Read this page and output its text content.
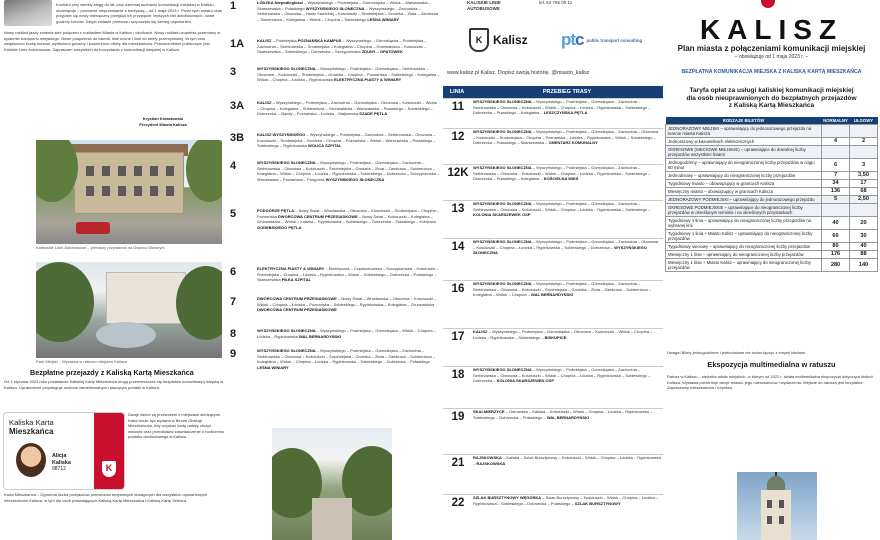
Kochani przy weekly blogg do lat, przy dziennej sucharzy komunikacji miejskiej w Kaliszu, obowiązuje – ponownie nieprzerwanie z korzyścią – od 1 maja 2023 r. Przez tych ostatni czas przyjdzie się nowy miesięczny przegląd ich przypięcie, lepszych linii autobusowych, nowe godziny kursów. Dzięki zmianie przewozu rozpoczęło się szereg usprawnień.

Nowy rozkład jazdy zmienia sieć połączeń z rozkładem Miasta w Kaliszu i okolicach. Nowy rozkład uzupełnia przemiany w systemie transportu miejskiego. Nowe połączenia do osiedli, linie nocne i linie do strefy przemysłowej. W tym celu zwiększono liczbę kursów, wydłużono godziny i poszerzono ofertę dla mieszkańców. Przewoźnikiem publicznym jest Kaliskie Linie Autobusowe. Zapraszam wszystkich do korzystania z komunikacji miejskiej w Kaliszu.

Krystian Kinastowski
Prezydent Miasta Kalisza
Kaliszskie Linie Autobusowe – pierwszy przystanek na Dworcu Głównym
Park Miejski – Wystawa w ratuszu miejskim Kalisza
Bezpłatne przejazdy z Kaliską Kartą Mieszkańca

Od 1 stycznia 2023 roku posiadacze Kaliskiej Karty Mieszkańca mogą przemieszczać się bezpłatnie komunikacją miejską w Kaliszu. Uprawnienie przysługuje osobom zameldowanym i płacącym podatki w Kaliszu.

Kaliska Karta
Mieszkańca
Alicja
Kaliska
98712	K

Dwoje dzieci są przewożeni z miejscami siedzącymi. Karta może być wydana w Biurze Obsługi Mieszkańców. Aby uzyskać kartę należy złożyć wniosek oraz przedstawić zaświadczenie o rozliczeniu podatku dochodowego w Kaliszu.

Karta Mieszkańca – Ogromna liczba przejazdów przewozów bezpłatnych dostępnych dla wszystkich uprawnionych mieszkańców Kalisza, w tym dla osób posiadających Kaliską Kartę Mieszkańca i Kaliską Kartę Seniora.

1	ŁÓDZKA Niepodległości – Wyszyńskiego – Podmiejska – Górnośląska – Widok – Warszawska – Skarszewska – Pułaskiego WYSZYŃSKIEGO SŁONECZNA – Wyszyńskiego – Zachodnia – Serbinowska – Obozowa – Hanki Sawickiej – Kościuszki – Śródmiejska – Grodzka – Złota – Zamkowa – Sukiennicza – Kolegialna – Widok – Chopina – Sobieskiego LEŚNA WINIARY
1A	KALISZ – Podmiejska POZNAŃSKA KAMPUS – Wyszyńskiego – Górnośląska – Podmiejska – Zachodnia – Serbinowska – Śródmiejska – Kolegialna – Chopina – Grunwaldzka – Kościuszki – Skarszewska – Sobieskiego – Dobrzecka – Szczypiornska ZDUNY – OPATÓWEK
3	WYSZYŃSKIEGO SŁONECZNA – Wyszyńskiego – Podmiejska – Górnośląska – Serbinowska – Obozowa – Kościuszki – Śródmiejska – Grodzka – Chopina – Poznańska – Sobieskiego – Kolegialna – Widok – Chopina – Łódzka – Rypinkowska ELEKTRYCZNA PIASTY & WINIARY
3A	KALISZ – Wyszyńskiego – Podmiejska – Zachodnia – Górnośląska – Obozowa – Kościuszki – Widok – Chopina – Kolegialna – Sukiennicza – Grunwaldzka – Warszawska – Pułaskiego – Sobieskiego – Dobrzecka – Zjazdy – Poznańska – Łódzka – Majkowska SZADE PĘTLA
3B	KALISZ WYSZYŃSKIEGO – Wyszyńskiego – Podmiejska – Zachodnia – Serbinowska – Obozowa – Kościuszki – Śródmiejska – Grodzka – Chopina – Poznańska – Widok – Warszawska – Pułaskiego – Sobieskiego – Rypinkowska WOLICA SZPITAL
4	WYSZYŃSKIEGO SŁONECZNA – Wyszyńskiego – Podmiejska – Górnośląska – Zachodnia – Serbinowska – Obozowa – Kościuszki – Śródmiejska – Grodzka – Złota – Zamkowa – Sukiennicza – Kolegialna – Widok – Chopina – Łódzka – Rypinkowska – Sobieskiego – Dobrzecka – Szczypiornska – Wrocławska – Poznańska – Podgórna WYSZYŃSKIEGO SŁONECZNA
5	PODGÓRZE PĘTLA – Nowy Świat – Wrocławska – Obozowa – Kościuszki – Śródmiejska – Chopina – Poznańska DWORCOWA CENTRUM PRZESIADKOWE – Nowy Świat – Kościuszki – Kolegialna – Grunwaldzka – Widok – Łódzka – Rypinkowska – Sobieskiego – Dobrzecka – Pułaskiego – Kolejowa GODEBSKIEGO PĘTLA
6	ELEKTRYCZNA PIASTY & WINIARY – Elektryczna – Częstochowska – Szczypiornska – Kościuszki – Śródmiejska – Chopina – Łódzka – Rypinkowska – Widok – Sobieskiego – Dobrzecka – Pułaskiego – Skarszewska PIŁKA SZPITAL
7	DWORCOWA CENTRUM PRZESIADKOWE – Nowy Świat – Wrocławska – Obozowa – Kościuszki – Widok – Chopina – Łódzka – Poznańska – Sobieskiego – Rypinkowska – Kolegialna – Grunwaldzka DWORCOWA CENTRUM PRZESIADKOWE
8	WYSZYŃSKIEGO SŁONECZNA – Wyszyńskiego – Podmiejska – Górnośląska – Widok – Chopina – Łódzka – Rypinkowska WAL BERNARDYŃSKI
9	WYSZYŃSKIEGO SŁONECZNA – Wyszyńskiego – Podmiejska – Górnośląska – Zachodnia – Serbinowska – Obozowa – Kościuszki – Śródmiejska – Grodzka – Złota – Zamkowa – Sukiennicza – Kolegialna – Widok – Chopina – Łódzka – Rypinkowska – Sobieskiego – Dobrzecka – Pułaskiego LEŚNA WINIARY
KALISKIE LINIE AUTOBUSOWE
tel. 62 766 00 11
K Kalisz ptc public transport consulting
www.kalisz.pl Kalisz. Dopisz swoją historię. @miasto_kalisz
LINIA	PRZEBIEG TRASY
11	WYSZYŃSKIEGO SŁONECZNA – Wyszyńskiego – Podmiejska – Górnośląska – Zachodnia – Serbinowska – Obozowa – Kościuszki – Widok – Chopina – Łódzka – Rypinkowska – Sobieskiego – Dobrzecka – Pułaskiego – Kolegialna – LESZCZYŃSKA PĘTLA
12	WYSZYŃSKIEGO SŁONECZNA – Wyszyńskiego – Podmiejska – Górnośląska – Zachodnia – Obozowa – Kościuszki – Śródmiejska – Chopina – Poznańska – Łódzka – Rypinkowska – Widok – Sobieskiego – Dobrzecka – Pułaskiego – Skarszewska – CMENTARZ KOMUNALNY
12K	WYSZYŃSKIEGO SŁONECZNA – Wyszyńskiego – Podmiejska – Górnośląska – Zachodnia – Serbinowska – Obozowa – Kościuszki – Widok – Chopina – Łódzka – Rypinkowska – Sobieskiego – Dobrzecka – Pułaskiego – Kolegialna – KOŚCIELNA WIEŚ
13	WYSZYŃSKIEGO SŁONECZNA – Wyszyńskiego – Podmiejska – Górnośląska – Zachodnia – Serbinowska – Obozowa – Kościuszki – Widok – Chopina – Łódzka – Rypinkowska – Sobieskiego – KOLONIA SKARSZEWEK OSP
14	WYSZYŃSKIEGO SŁONECZNA – Wyszyńskiego – Podmiejska – Górnośląska – Zachodnia – Obozowa – Kościuszki – Chopina – Łódzka – Rypinkowska – Sobieskiego – Dobrzecka – WYSZYŃSKIEGO SŁONECZNA
16	WYSZYŃSKIEGO SŁONECZNA – Wyszyńskiego – Podmiejska – Górnośląska – Zachodnia – Serbinowska – Obozowa – Kościuszki – Śródmiejska – Grodzka – Złota – Zamkowa – Sukiennicza – Kolegialna – Widok – Chopina – WAL BERNARDYŃSKI
17	KALISZ – Wyszyńskiego – Podmiejska – Górnośląska – Obozowa – Kościuszki – Widok – Chopina – Łódzka – Rypinkowska – Sobieskiego – BISKUPICE
18	WYSZYŃSKIEGO SŁONECZNA – Wyszyńskiego – Podmiejska – Górnośląska – Zachodnia – Serbinowska – Obozowa – Kościuszki – Widok – Chopina – Łódzka – Rypinkowska – Sobieskiego – Dobrzecka – KOLONIA SKARSZEWEK OSP
19	SKALMIERZYCE – Ostrowska – Kaliska – Kościuszki – Widok – Chopina – Łódzka – Rypinkowska – Sobieskiego – Dobrzecka – Pułaskiego – WAL BERNARDYŃSKI
21	RAJSKOWSKA – Kaliska – Szlak Bursztynowy – Kościuszki – Widok – Chopina – Łódzka – Rypinkowska – RAJSKOWSKA
22	SZLAK BURSZTYNOWY WĘGÓRKA – Szlak Bursztynowy – Kościuszki – Widok – Chopina – Łódzka – Rypinkowska – Sobieskiego – Dobrzecka – Pułaskiego – SZLAK BURSZTYNOWY
KALISZ
Plan miasta z połączeniami komunikacji miejskiej
– obowiązuje od 1 maja 2023 r. –
BEZPŁATNA KOMUNIKACJA MIEJSKA Z KALISKĄ KARTĄ MIESZKAŃCA
Taryfa opłat za usługi kaliskiej komunikacji miejskiej
dla osób nieuprawnionych do bezpłatnych przejazdów
z Kaliską Kartą Mieszkańca
RODZAJE BILETÓW	NORMALNY	ULGOWY
JEDNORAZOWY MIEJSKI – uprawniający do jednorazowego przejazdu na terenie miasta Kalisza		
Jednorazowy w kasownikach elektronicznych	4	2
OKRESOWE (SIECIOWE MIEJSKIE) – uprawniające do dowolnej liczby przejazdów wszystkimi liniami		
Jednogodzinny – uprawniający do nieograniczonej liczby przejazdów w ciągu 60 minut	6	3
Jednodniowy – uprawniający do nieograniczonej liczby przejazdów	7	3,50
Tygodniowy miasto – obowiązujący w granicach Kalisza	34	17
Miesięczny miasto – obowiązujący w granicach Kalisza	136	68
JEDNORAZOWY PODMIEJSKI – uprawniający do jednorazowego przejazdu	5	2,50
OKRESOWE PODMIEJSKIE – uprawniające do nieograniczonej liczby przejazdów w określonym terminie i na określonych przystankach		
Tygodniowy 1 linia – uprawniający do nieograniczonej liczby przejazdów na wybranej linii	40	20
Tygodniowy 1 linia + Miasto Kalisz – uprawniający do nieograniczonej liczby przejazdów	60	30
Tygodniowy sieciowy – uprawniający do nieograniczonej liczby przejazdów	80	40
Miesięczny 1 linia – uprawniający do nieograniczonej liczby przejazdów	176	88
Miesięczny 1 linia + Miasto Kalisz – uprawniający do nieograniczonej liczby przejazdów	280	140
Uwaga! Bilety jednogodzinne i jednodniowe nie wolno łączyć z innymi biletami.
Ekspozycja multimedialna w ratuszu

Ratusz w Kaliszu – siedziba władz miejskich, w którym od 2022 r. działa multimedialna ekspozycja dotycząca historii Kalisza. Wystawa prezentuje dzieje miasta, jego mieszkańców i wydarzenia. Wejście do ratusza jest bezpłatne. Zapraszamy mieszkańców i turystów.
